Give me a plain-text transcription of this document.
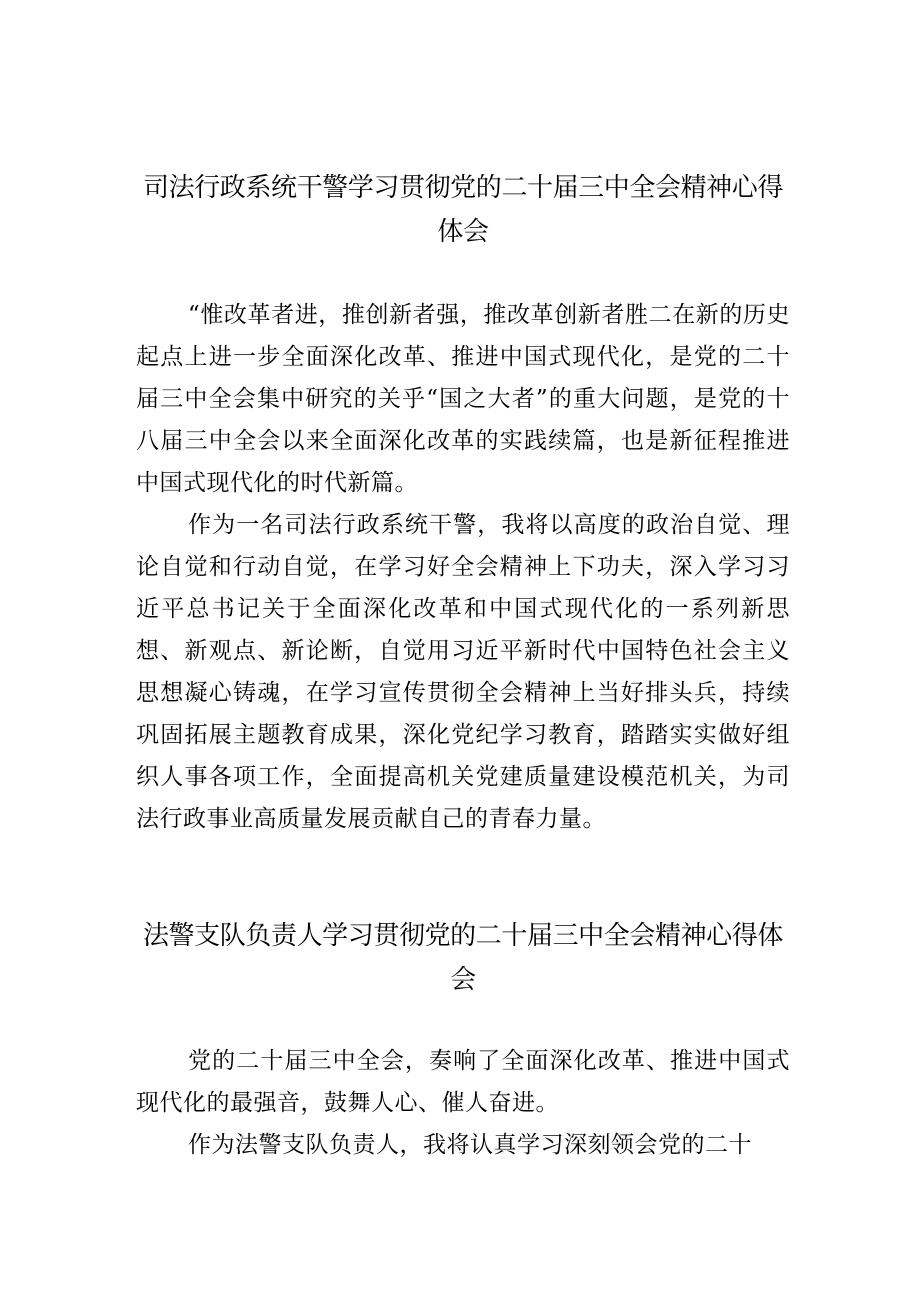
司法行政系统干警学习贯彻党的二十届三中全会精神心得体会

“惟改革者进，推创新者强，推改革创新者胜二在新的历史起点上进一步全面深化改革、推进中国式现代化，是党的二十届三中全会集中研究的关乎“国之大者”的重大问题，是党的十八届三中全会以来全面深化改革的实践续篇，也是新征程推进中国式现代化的时代新篇。

作为一名司法行政系统干警，我将以高度的政治自觉、理论自觉和行动自觉，在学习好全会精神上下功夫，深入学习习近平总书记关于全面深化改革和中国式现代化的一系列新思想、新观点、新论断，自觉用习近平新时代中国特色社会主义思想凝心铸魂，在学习宣传贯彻全会精神上当好排头兵，持续巩固拓展主题教育成果，深化党纪学习教育，踏踏实实做好组织人事各项工作，全面提高机关党建质量建设模范机关，为司法行政事业高质量发展贡献自己的青春力量。

法警支队负责人学习贯彻党的二十届三中全会精神心得体会

党的二十届三中全会，奏响了全面深化改革、推进中国式现代化的最强音，鼓舞人心、催人奋进。

作为法警支队负责人，我将认真学习深刻领会党的二十
